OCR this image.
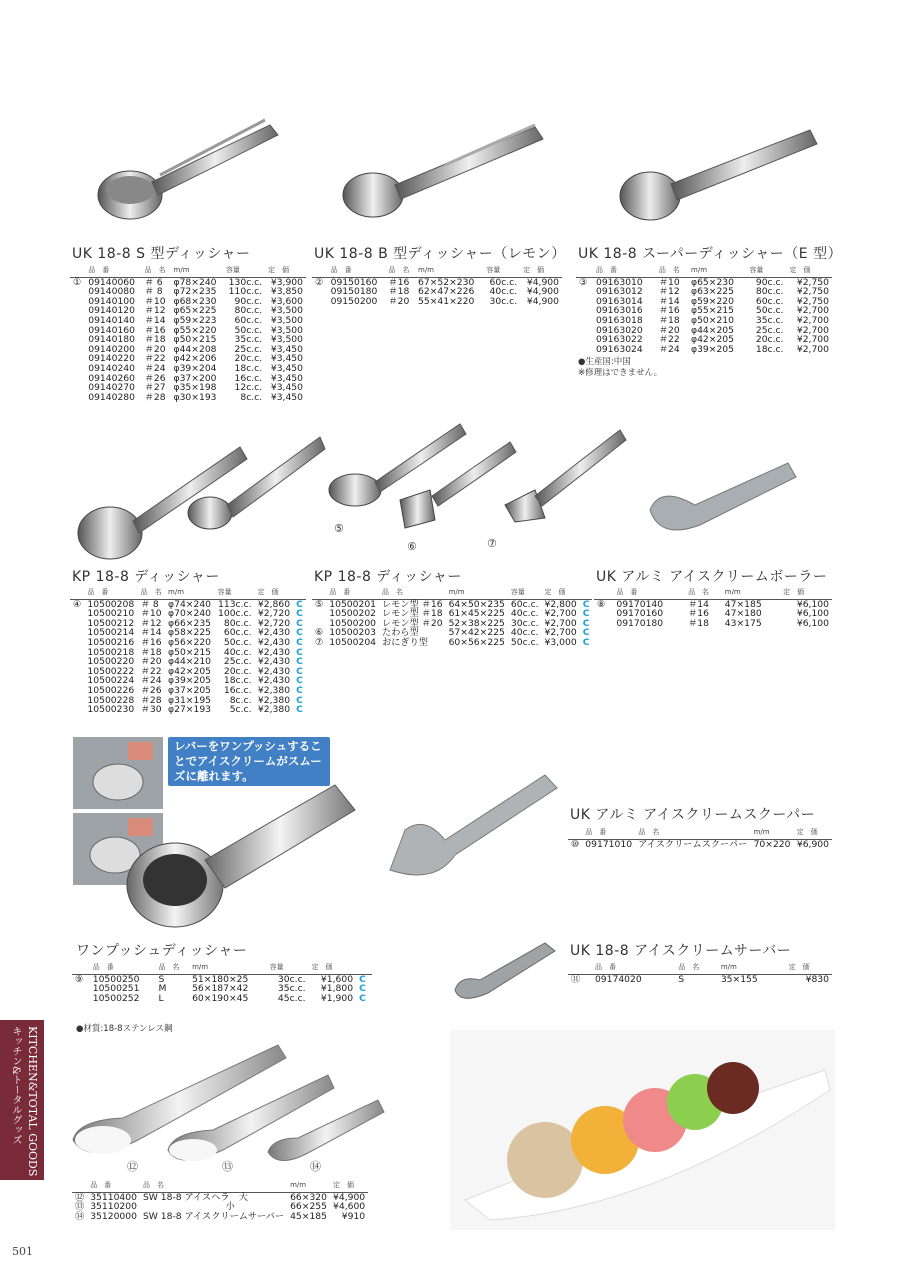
⑤
⑥	⑦
⑫	⑬	⑭
レバーをワンプッシュすることでアイスクリームがスムーズに離れます。
UK 18-8 S 型ディッシャー
	品　番	品　名	m/m	容量	定　価
①	09140060	＃ 6	φ78×240	130c.c.	¥3,900
	09140080	＃ 8	φ72×235	110c.c.	¥3,850
	09140100	＃10	φ68×230	90c.c.	¥3,600
	09140120	＃12	φ65×225	80c.c.	¥3,500
	09140140	＃14	φ59×223	60c.c.	¥3,500
	09140160	＃16	φ55×220	50c.c.	¥3,500
	09140180	＃18	φ50×215	35c.c.	¥3,500
	09140200	＃20	φ44×208	25c.c.	¥3,450
	09140220	＃22	φ42×206	20c.c.	¥3,450
	09140240	＃24	φ39×204	18c.c.	¥3,450
	09140260	＃26	φ37×200	16c.c.	¥3,450
	09140270	＃27	φ35×198	12c.c.	¥3,450
	09140280	＃28	φ30×193	8c.c.	¥3,450
UK 18-8 B 型ディッシャー（レモン）
	品　番	品　名	m/m	容量	定　価
②	09150160	＃16	67×52×230	60c.c.	¥4,900
	09150180	＃18	62×47×226	40c.c.	¥4,900
	09150200	＃20	55×41×220	30c.c.	¥4,900
UK 18-8 スーパーディッシャー（E 型）
	品　番	品　名	m/m	容量	定　価
③	09163010	＃10	φ65×230	90c.c.	¥2,750
	09163012	＃12	φ63×225	80c.c.	¥2,750
	09163014	＃14	φ59×220	60c.c.	¥2,750
	09163016	＃16	φ55×215	50c.c.	¥2,700
	09163018	＃18	φ50×210	35c.c.	¥2,700
	09163020	＃20	φ44×205	25c.c.	¥2,700
	09163022	＃22	φ42×205	20c.c.	¥2,700
	09163024	＃24	φ39×205	18c.c.	¥2,700
●生産国:中国
※修理はできません。
KP 18-8 ディッシャー
	品　番	品　名	m/m	容量	定　価	
④	10500208	＃ 8	φ74×240	113c.c.	¥2,860	C
	10500210	＃10	φ70×240	100c.c.	¥2,720	C
	10500212	＃12	φ66×235	80c.c.	¥2,720	C
	10500214	＃14	φ58×225	60c.c.	¥2,430	C
	10500216	＃16	φ56×220	50c.c.	¥2,430	C
	10500218	＃18	φ50×215	40c.c.	¥2,430	C
	10500220	＃20	φ44×210	25c.c.	¥2,430	C
	10500222	＃22	φ42×205	20c.c.	¥2,430	C
	10500224	＃24	φ39×205	18c.c.	¥2,430	C
	10500226	＃26	φ37×205	16c.c.	¥2,380	C
	10500228	＃28	φ31×195	8c.c.	¥2,380	C
	10500230	＃30	φ27×193	5c.c.	¥2,380	C
KP 18-8 ディッシャー
	品　番	品　名	m/m	容量	定　価	
⑤	10500201	レモン型 ＃16	64×50×235	60c.c.	¥2,800	C
	10500202	レモン型 ＃18	61×45×225	40c.c.	¥2,700	C
	10500200	レモン型 ＃20	52×38×225	30c.c.	¥2,700	C
⑥	10500203	たわら型	57×42×225	40c.c.	¥2,700	C
⑦	10500204	おにぎり型	60×56×225	50c.c.	¥3,000	C
UK アルミ アイスクリームボーラー
	品　番	品　名	m/m	定　価
⑧	09170140	＃14	47×185	¥6,100
	09170160	＃16	47×180	¥6,100
	09170180	＃18	43×175	¥6,100
ワンプッシュディッシャー
	品　番	品　名	m/m	容量	定　価	
⑨	10500250	S	51×180×25	30c.c.	¥1,600	C
	10500251	M	56×187×42	35c.c.	¥1,800	C
	10500252	L	60×190×45	45c.c.	¥1,900	C
●材質:18-8ステンレス鋼
UK アルミ アイスクリームスクーパー
	品　番	品　名	m/m	定　価
⑩	09171010	アイスクリームスクーパー	70×220	¥6,900
UK 18-8 アイスクリームサーバー
	品　番	品　名	m/m	定　価
⑪	09174020	S	35×155	¥830
	品　番	品　名	m/m	定　価
⑫	35110400	SW 18-8 アイスヘラ　大	66×320	¥4,900
⑬	35110200	　　　　　　　　　小	66×255	¥4,600
⑭	35120000	SW 18-8 アイスクリームサーバー	45×185	¥910
KITCHEN&TOTAL GOODS
キッチン&トータルグッズ
501
